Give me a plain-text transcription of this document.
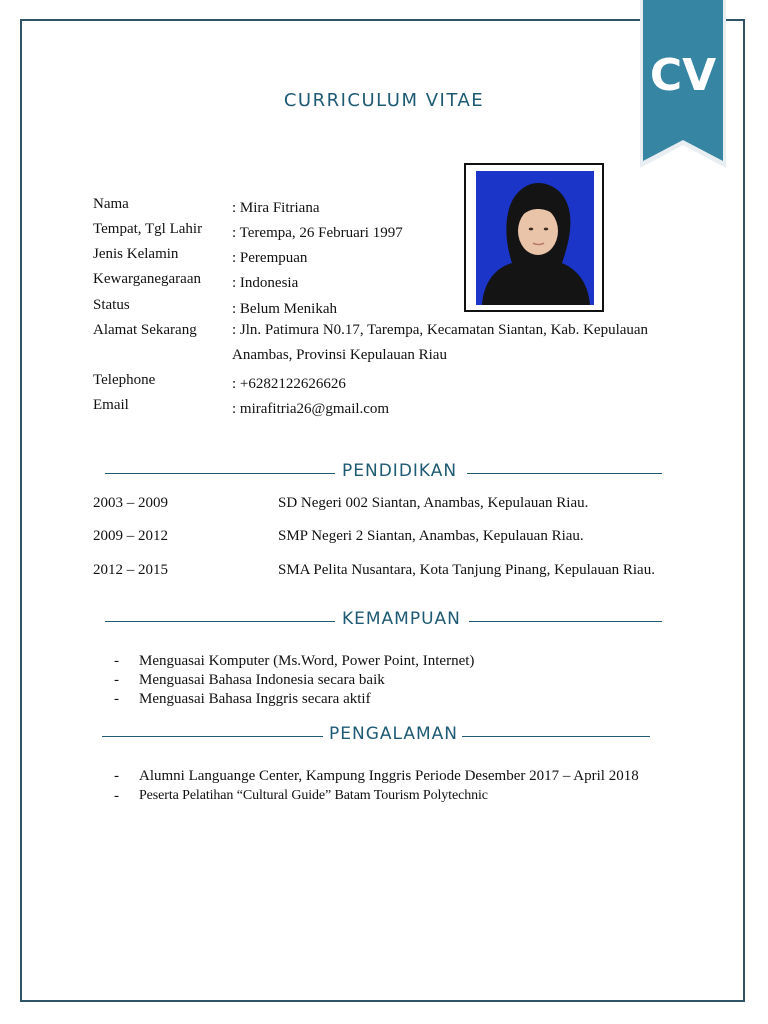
CV
CURRICULUM VITAE
Nama	: Mira Fitriana
Tempat, Tgl Lahir : Terempa, 26 Februari 1997
Jenis Kelamin	: Perempuan
Kewarganegaraan : Indonesia
Status	: Belum Menikah
Alamat Sekarang : Jln. Patimura N0.17, Tarempa, Kecamatan Siantan, Kab. Kepulauan Anambas, Provinsi Kepulauan Riau
Telephone	: +6282122626626
Email	: mirafitria26@gmail.com
PENDIDIKAN
2003 – 2009	SD Negeri 002 Siantan, Anambas, Kepulauan Riau.
2009 – 2012	SMP Negeri 2 Siantan, Anambas, Kepulauan Riau.
2012 – 2015	SMA Pelita Nusantara, Kota Tanjung Pinang, Kepulauan Riau.
KEMAMPUAN
- Menguasai Komputer (Ms.Word, Power Point, Internet)
- Menguasai Bahasa Indonesia secara baik
- Menguasai Bahasa Inggris secara aktif
PENGALAMAN
- Alumni Languange Center, Kampung Inggris Periode Desember 2017 – April 2018
- Peserta Pelatihan “Cultural Guide” Batam Tourism Polytechnic
